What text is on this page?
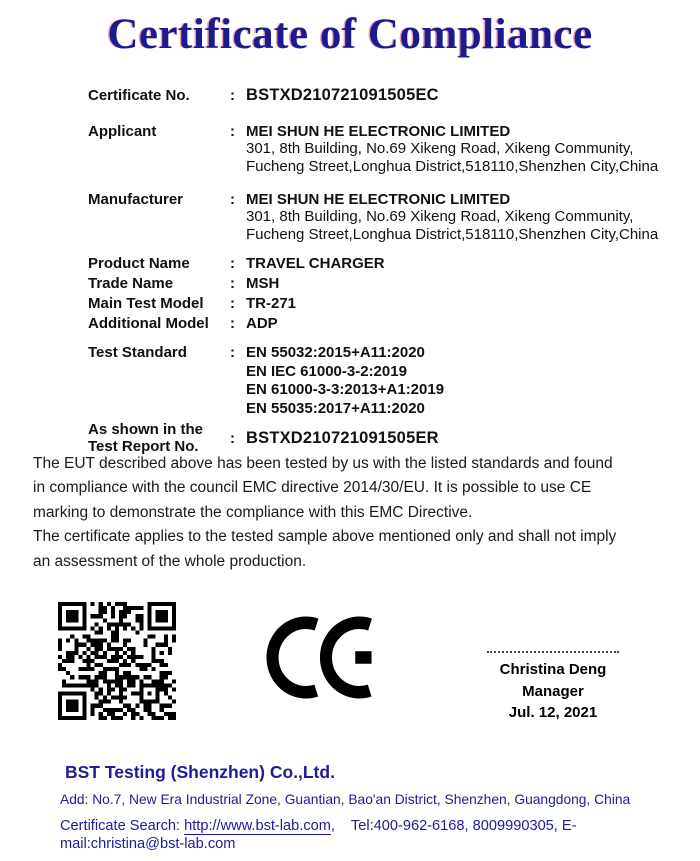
Certificate of Compliance
Certificate No.	: BSTXD210721091505EC
Applicant	: MEI SHUN HE ELECTRONIC LIMITED
301, 8th Building, No.69 Xikeng Road, Xikeng Community,
Fucheng Street,Longhua District,518110,Shenzhen City,China
Manufacturer	: MEI SHUN HE ELECTRONIC LIMITED
301, 8th Building, No.69 Xikeng Road, Xikeng Community,
Fucheng Street,Longhua District,518110,Shenzhen City,China
Product Name	: TRAVEL CHARGER
Trade Name	: MSH
Main Test Model	: TR-271
Additional Model	: ADP
Test Standard	: EN 55032:2015+A11:2020
EN IEC 61000-3-2:2019
EN 61000-3-3:2013+A1:2019
EN 55035:2017+A11:2020
As shown in the
Test Report No.	: BSTXD210721091505ER
The EUT described above has been tested by us with the listed standards and found
in compliance with the council EMC directive 2014/30/EU. It is possible to use CE
marking to demonstrate the compliance with this EMC Directive.
The certificate applies to the tested sample above mentioned only and shall not imply
an assessment of the whole production.
Christina Deng
Manager
Jul. 12, 2021
BST Testing (Shenzhen) Co.,Ltd.
Add: No.7, New Era Industrial Zone, Guantian, Bao'an District, Shenzhen, Guangdong, China
Certificate Search: http://www.bst-lab.com,    Tel:400-962-6168, 8009990305, E-mail:christina@bst-lab.com
